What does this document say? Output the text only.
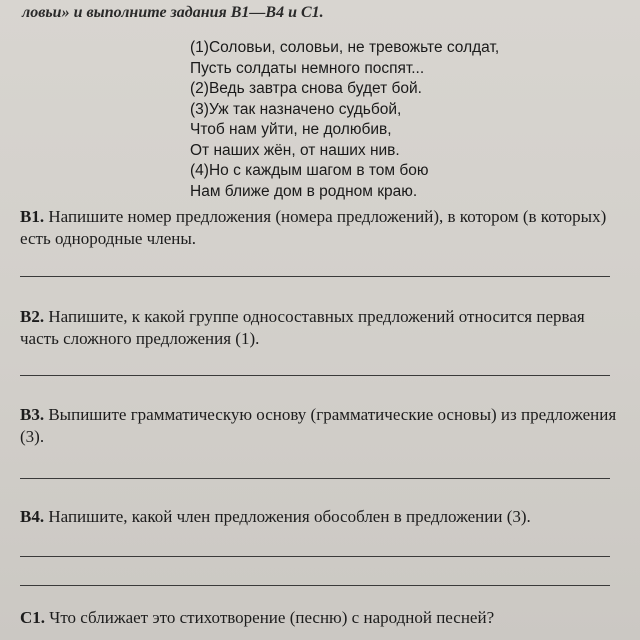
ловьи» и выполните задания В1—В4 и С1.
(1)Соловьи, соловьи, не тревожьте солдат,
Пусть солдаты немного поспят...
(2)Ведь завтра снова будет бой.
(3)Уж так назначено судьбой,
Чтоб нам уйти, не долюбив,
От наших жён, от наших нив.
(4)Но с каждым шагом в том бою
Нам ближе дом в родном краю.
В1. Напишите номер предложения (номера предложений), в котором (в которых) есть однородные члены.
В2. Напишите, к какой группе односоставных предложений относится первая часть сложного предложения (1).
В3. Выпишите грамматическую основу (грамматические основы) из предложения (3).
В4. Напишите, какой член предложения обособлен в предложении (3).
С1. Что сближает это стихотворение (песню) с народной песней?
